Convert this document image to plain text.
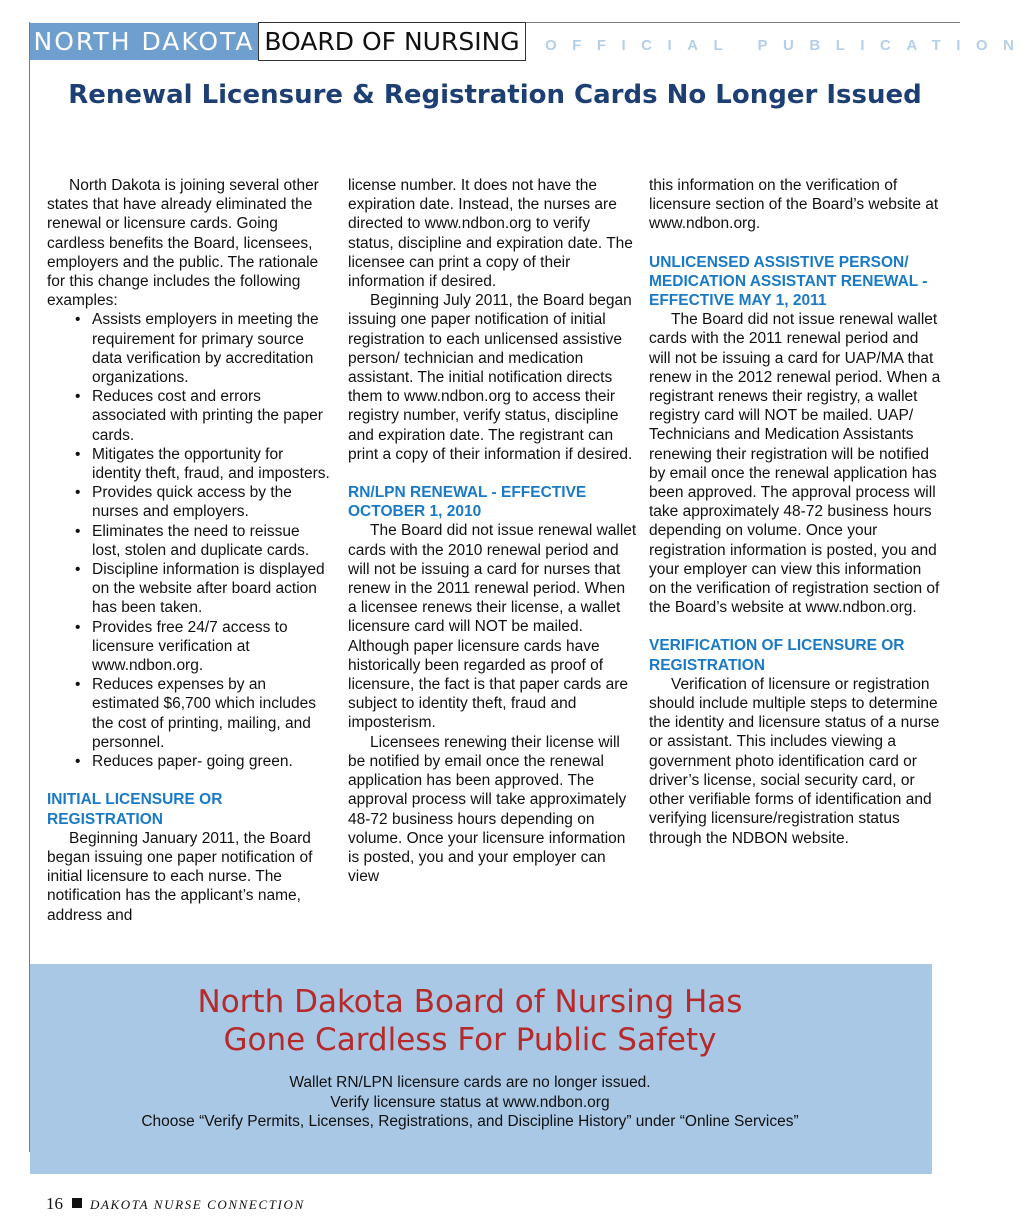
NORTH DAKOTA BOARD OF NURSING	OFFICIAL PUBLICATION
Renewal Licensure & Registration Cards No Longer Issued

North Dakota is joining several other states that have already eliminated the renewal or licensure cards. Going cardless benefits the Board, licensees, employers and the public. The rationale for this change includes the following examples:

• Assists employers in meeting the requirement for primary source data verification by accreditation organizations.
• Reduces cost and errors associated with printing the paper cards.
• Mitigates the opportunity for identity theft, fraud, and imposters.
• Provides quick access by the nurses and employers.
• Eliminates the need to reissue lost, stolen and duplicate cards.
• Discipline information is displayed on the website after board action has been taken.
• Provides free 24/7 access to licensure verification at www.ndbon.org.
• Reduces expenses by an estimated $6,700 which includes the cost of printing, mailing, and personnel.
• Reduces paper- going green.

INITIAL LICENSURE OR REGISTRATION

Beginning January 2011, the Board began issuing one paper notification of initial licensure to each nurse. The notification has the applicant’s name, address and

license number. It does not have the expiration date. Instead, the nurses are directed to www.ndbon.org to verify status, discipline and expiration date. The licensee can print a copy of their information if desired.

Beginning July 2011, the Board began issuing one paper notification of initial registration to each unlicensed assistive person/ technician and medication assistant. The initial notification directs them to www.ndbon.org to access their registry number, verify status, discipline and expiration date. The registrant can print a copy of their information if desired.

RN/LPN RENEWAL - EFFECTIVE OCTOBER 1, 2010

The Board did not issue renewal wallet cards with the 2010 renewal period and will not be issuing a card for nurses that renew in the 2011 renewal period. When a licensee renews their license, a wallet licensure card will NOT be mailed. Although paper licensure cards have historically been regarded as proof of licensure, the fact is that paper cards are subject to identity theft, fraud and imposterism.

Licensees renewing their license will be notified by email once the renewal application has been approved. The approval process will take approximately 48-72 business hours depending on volume. Once your licensure information is posted, you and your employer can view

this information on the verification of licensure section of the Board’s website at www.ndbon.org.

UNLICENSED ASSISTIVE PERSON/ MEDICATION ASSISTANT RENEWAL - EFFECTIVE MAY 1, 2011

The Board did not issue renewal wallet cards with the 2011 renewal period and will not be issuing a card for UAP/MA that renew in the 2012 renewal period. When a registrant renews their registry, a wallet registry card will NOT be mailed. UAP/ Technicians and Medication Assistants renewing their registration will be notified by email once the renewal application has been approved. The approval process will take approximately 48-72 business hours depending on volume. Once your registration information is posted, you and your employer can view this information on the verification of registration section of the Board’s website at www.ndbon.org.

VERIFICATION OF LICENSURE OR REGISTRATION

Verification of licensure or registration should include multiple steps to determine the identity and licensure status of a nurse or assistant. This includes viewing a government photo identification card or driver’s license, social security card, or other verifiable forms of identification and verifying licensure/registration status through the NDBON website.

North Dakota Board of Nursing Has
Gone Cardless For Public Safety
Wallet RN/LPN licensure cards are no longer issued.
Verify licensure status at www.ndbon.org
Choose “Verify Permits, Licenses, Registrations, and Discipline History” under “Online Services”
16 DAKOTA NURSE CONNECTION
